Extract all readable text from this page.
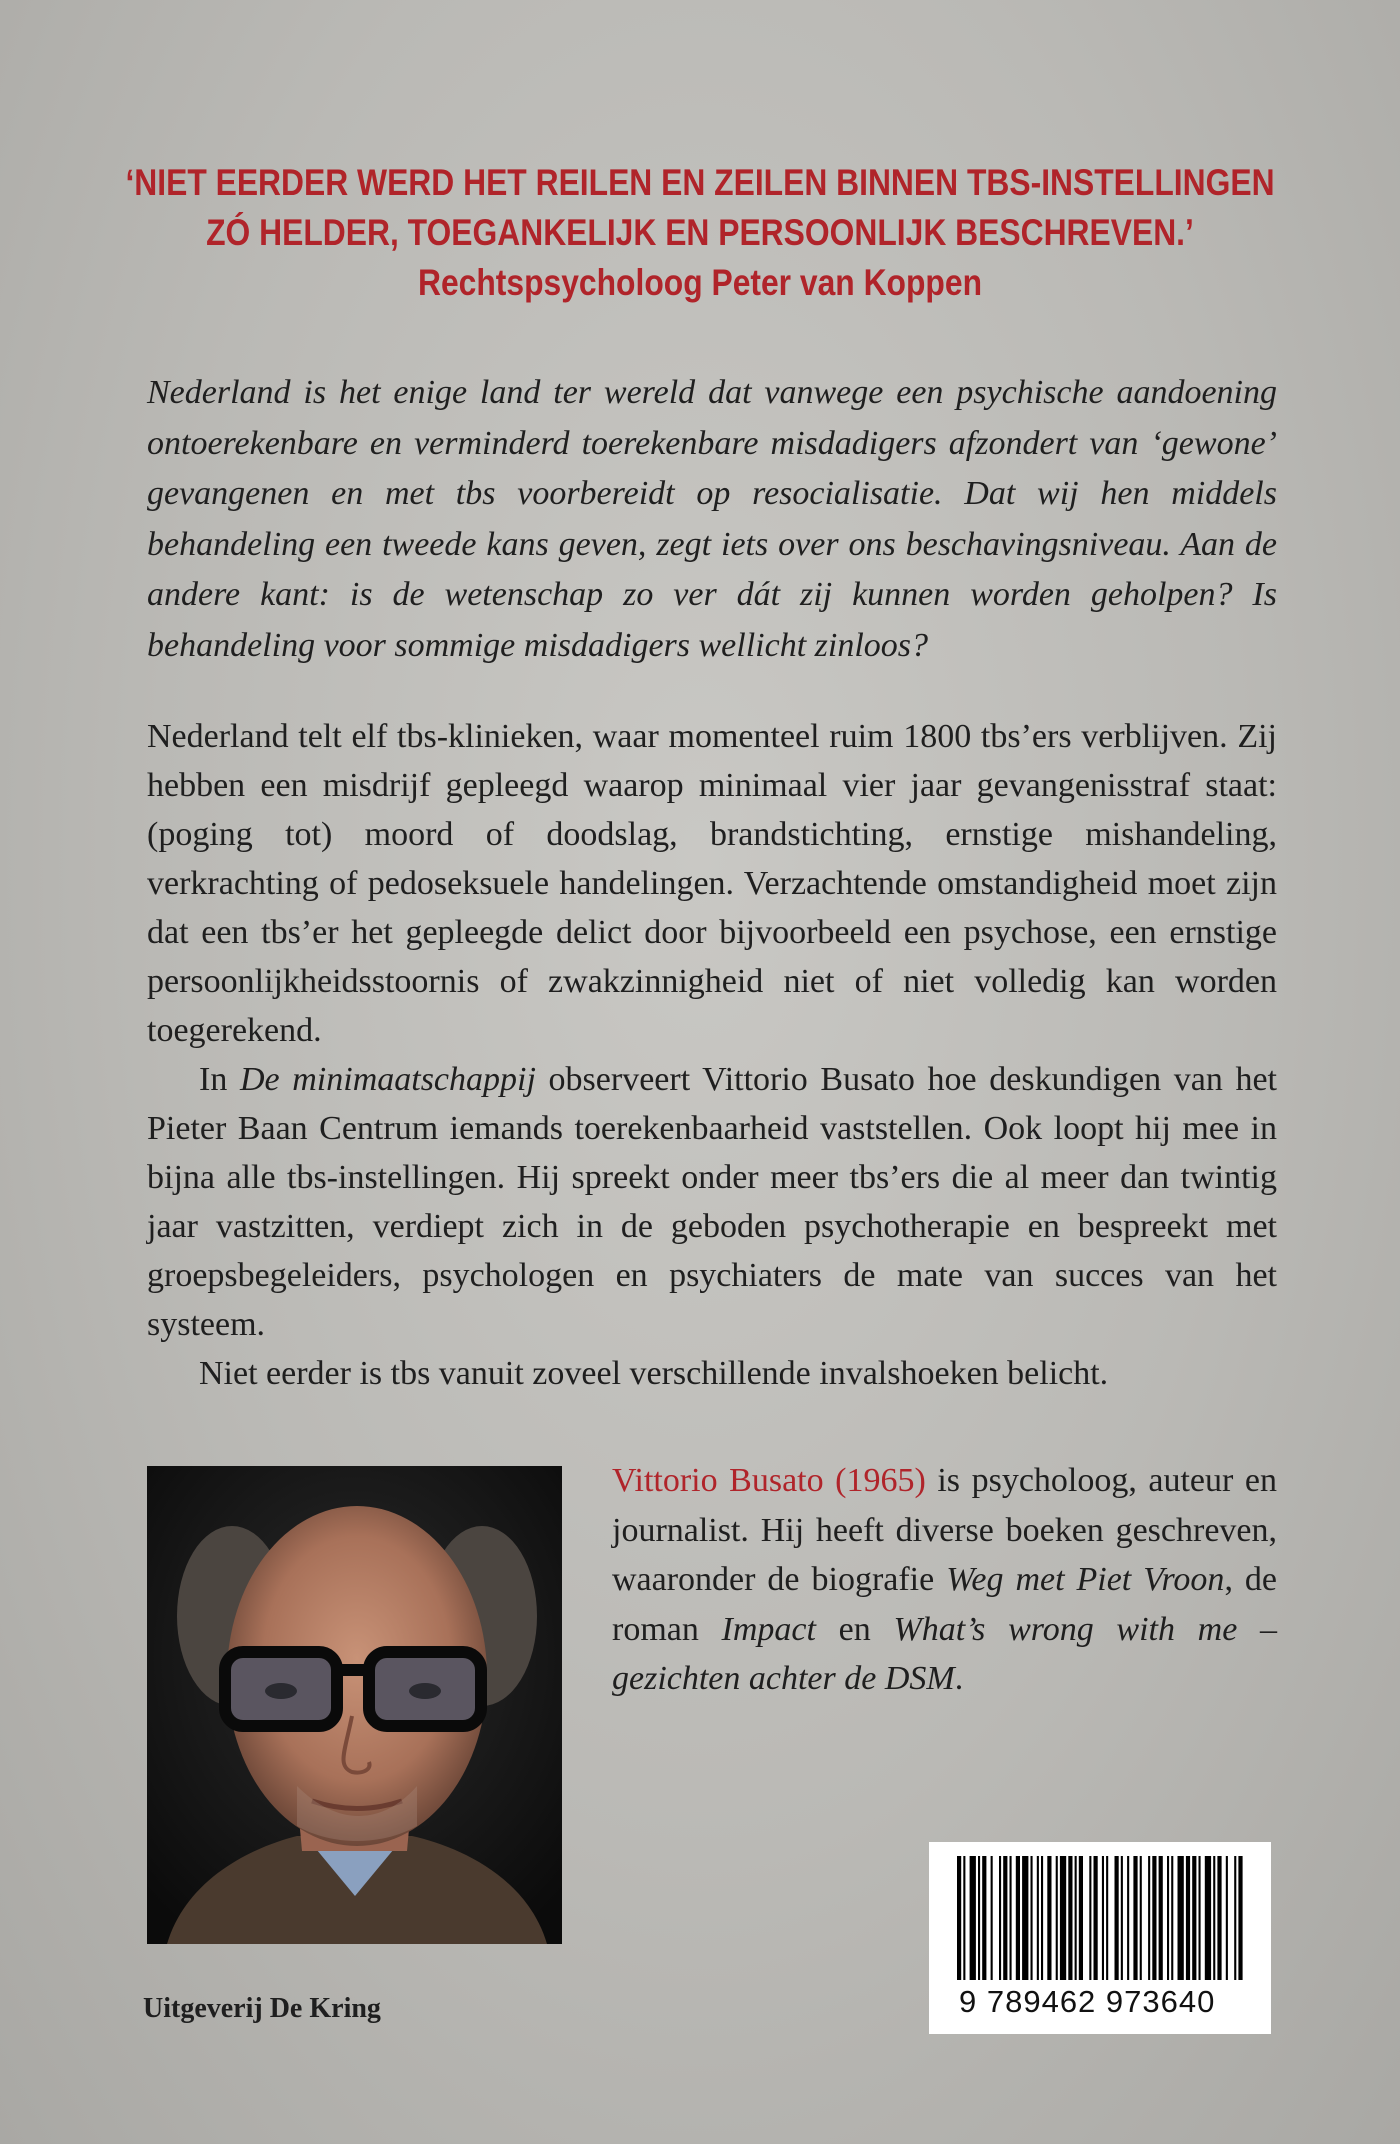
‘NIET EERDER WERD HET REILEN EN ZEILEN BINNEN TBS-INSTELLINGEN
ZÓ HELDER, TOEGANKELIJK EN PERSOONLIJK BESCHREVEN.’
Rechtspsycholoog Peter van Koppen
Nederland is het enige land ter wereld dat vanwege een psychische aandoening ontoerekenbare en verminderd toerekenbare misdadigers afzondert van ‘gewone’ gevangenen en met tbs voorbereidt op resocialisatie. Dat wij hen middels behandeling een tweede kans geven, zegt iets over ons beschavingsniveau. Aan de andere kant: is de wetenschap zo ver dát zij kunnen worden geholpen? Is behandeling voor sommige misdadigers wellicht zinloos?

Nederland telt elf tbs-klinieken, waar momenteel ruim 1800 tbs’ers verblijven. Zij hebben een misdrijf gepleegd waarop minimaal vier jaar gevangenisstraf staat: (poging tot) moord of doodslag, brandstichting, ernstige mishandeling, verkrachting of pedoseksuele handelingen. Verzachtende omstandigheid moet zijn dat een tbs’er het gepleegde delict door bijvoorbeeld een psychose, een ernstige persoonlijkheidsstoornis of zwakzinnigheid niet of niet volledig kan worden toegerekend.

In De minimaatschappij observeert Vittorio Busato hoe deskundigen van het Pieter Baan Centrum iemands toerekenbaarheid vaststellen. Ook loopt hij mee in bijna alle tbs-instellingen. Hij spreekt onder meer tbs’ers die al meer dan twintig jaar vastzitten, verdiept zich in de geboden psychotherapie en bespreekt met groepsbegeleiders, psychologen en psychiaters de mate van succes van het systeem.

Niet eerder is tbs vanuit zoveel verschillende invalshoeken belicht.

Vittorio Busato (1965) is psycholoog, auteur en journalist. Hij heeft diverse boeken geschreven, waaronder de biografie Weg met Piet Vroon, de roman Impact en What’s wrong with me – gezichten achter de DSM.
Uitgeverij De Kring	9 789462 973640
